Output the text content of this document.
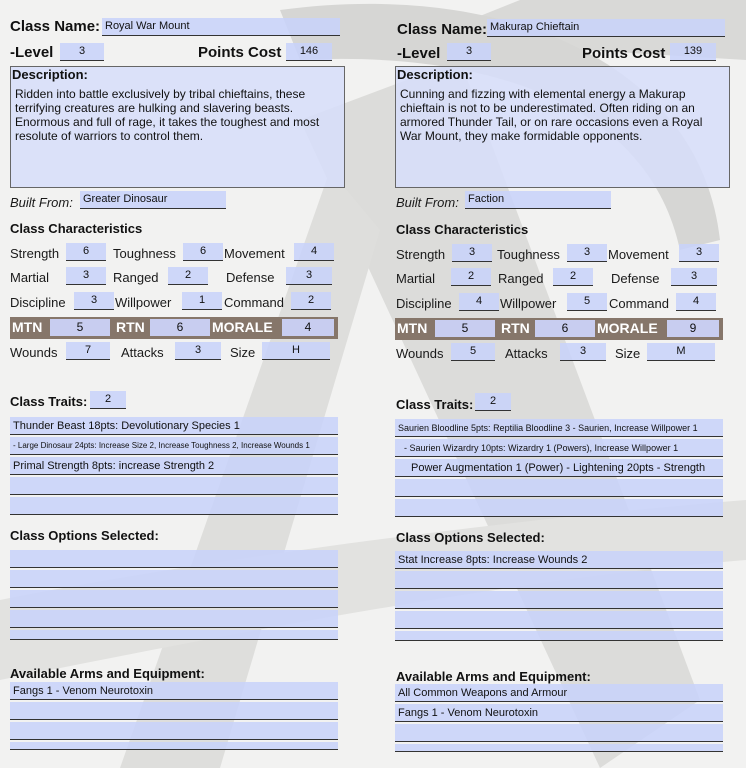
Class Name: Royal War Mount
-Level	3	Points Cost	146
Description:
Ridden into battle exclusively by tribal chieftains, these terrifying creatures are hulking and slavering beasts. Enormous and full of rage, it takes the toughest and most resolute of warriors to control them.
Built From: Greater Dinosaur
Class Characteristics
Strength	6	Toughness	6	Movement	4
Martial	3	Ranged	2	Defense	3
Discipline	3	Willpower	1	Command	2
MTN	5	RTN	6	MORALE	4
Wounds	7	Attacks	3	Size	H
Class Traits:	2
Thunder Beast 18pts: Devolutionary Species 1
- Large Dinosaur 24pts: Increase Size 2, Increase Toughness 2, Increase Wounds 1
Primal Strength 8pts: increase Strength 2
Class Options Selected:
Available Arms and Equipment:
Fangs 1 - Venom Neurotoxin
Class Name: Makurap Chieftain
-Level	3	Points Cost	139
Description:
Cunning and fizzing with elemental energy a Makurap chieftain is not to be underestimated. Often riding on an armored Thunder Tail, or on rare occasions even a Royal War Mount, they make formidable opponents.
Built From: Faction
Class Characteristics
Strength	3	Toughness	3	Movement	3
Martial	2	Ranged	2	Defense	3
Discipline	4	Willpower	5	Command	4
MTN	5	RTN	6	MORALE	9
Wounds	5	Attacks	3	Size	M
Class Traits:	2
Saurien Bloodline 5pts: Reptilia Bloodline 3 - Saurien, Increase Willpower 1
- Saurien Wizardry 10pts: Wizardry 1 (Powers), Increase Willpower 1
Power Augmentation 1 (Power) - Lightening 20pts - Strength
Class Options Selected:
Stat Increase 8pts: Increase Wounds 2
Available Arms and Equipment:
All Common Weapons and Armour
Fangs 1 - Venom Neurotoxin
